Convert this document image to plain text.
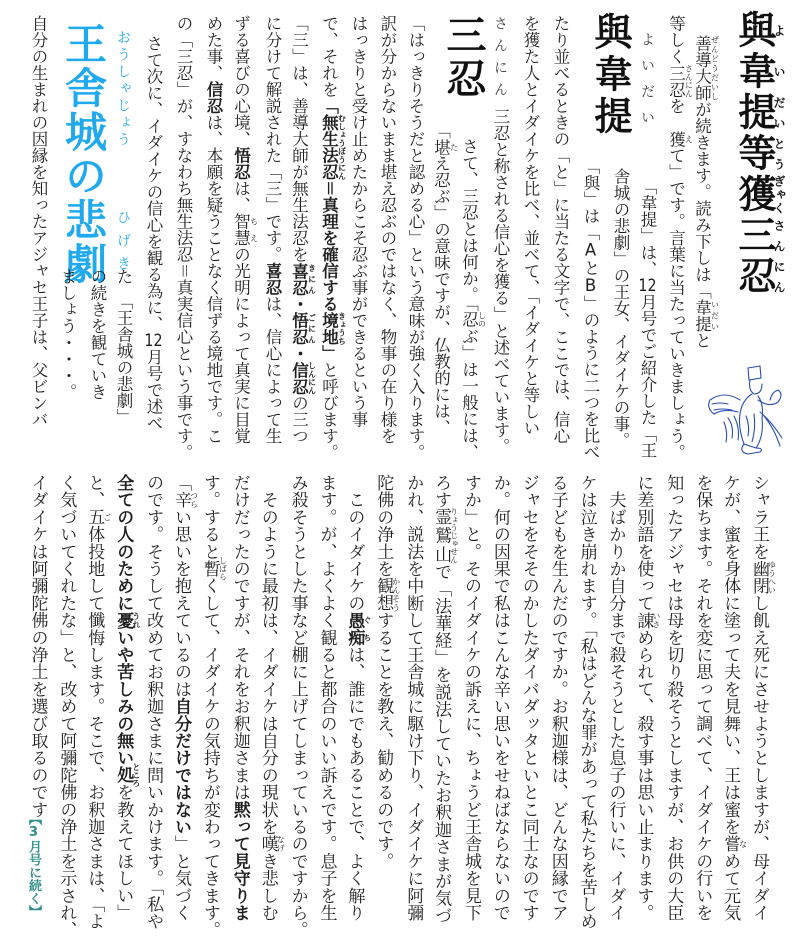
與韋提 よいだい
三忍 さんにん
王舎城の悲劇 おうしゃじょう
ひげき
【3月号に続く】
與よ韋い提だい等とう獲ぎゃく三さん忍にん
善導大師 ぜんどうだいしが続きます。読み下しは「韋提 いだいと
等しく三忍 さんにんを　獲 えて」です。言葉に当たっていきましょう。
「韋提」は、12月号でご紹介した「王
舎城の悲劇」の王女、イダイケの事。
「與」は「AとB」のように二つを比べ
たり並べるときの「と」に当たる文字で、ここでは、信心
を獲た人とイダイケを比べ、並べて、「イダイケと等しい
三忍と称される信心を獲る」と述べています。
さて、三忍とは何か。「忍 しのぶ」は一般には、
「堪 たえ忍ぶ」の意味ですが、仏教的には、
「はっきりそうだと認める心」という意味が強く入ります。
訳が分からないまま堪え忍ぶのではなく、物事の在り様を
はっきりと受け止めたからこそ忍ぶ事ができるという事
で、それを「無生法忍 むしょうぼうにん＝真理を確信する境地 きょうち」と呼びます。
「三」は、善導大師が無生法忍を喜忍 きにん・悟忍 ごにん・信忍 しんにんの三つ
に分けて解説された「三」です。喜忍は、信心によって生
ずる喜びの心境、悟忍は、智慧 ちえの光明によって真実に目覚
めた事、信忍は、本願を疑うことなく信ずる境地です。こ
の「三忍」が、すなわち無生法忍＝真実信心という事です。
さて次に、イダイケの信心を観る為に、12月号で述べ
た　「王舎城の悲劇」
の続きを観ていき
ましょう・・・。
自分の生まれの因縁を知ったアジャセ王子は、父ビンバ
シャラ王を幽閉ゆうへいし飢え死にさせようとしますが、母イダイ
ケが、蜜を身体に塗って夫を見舞い、王は蜜を嘗なめて元気
を保ちます。それを変に思って調べて、イダイケの行いを
知ったアジャセは母を切り殺そうとしますが、お供の大臣
に差別語を使って諌いさめられて、殺す事は思い止まります。
　夫ばかりか自分まで殺そうとした息子の行いに、イダイ
ケは泣き崩れます。「私はどんな罪があって私たちを苦しめ
る子どもを生んだのですか。お釈迦様は、どんな因縁でア
ジャセをそそのかしたダイバダッタといとこ同士なのです
か。何の因果で私はこんな辛い思いをせねばならないので
すか」と。そのイダイケの訴えに、ちょうど王舎城を見下
ろす霊鷲山りょうじゅせんで「法華経」を説法していたお釈迦さまが気づ
かれ、説法を中断して王舎城に駆け下り、イダイケに阿彌
陀佛の浄土を観想かんそうすることを教え、勧めるのです。
　このイダイケの愚痴ぐちは、誰にでもあることで、よく解り
ます。が、よくよく観ると都合のいい訴えです。息子を生
み殺そうとした事など棚に上げてしまっているのですから。
　そのように最初は、イダイケは自分の現状を嘆なげき悲しむ
だけだったのですが、それをお釈迦さまは黙って見守りま
す。すると暫しばらくして、イダイケの気持ちが変わってきます。
「辛つらい思いを抱えているのは自分だけではない」と気づく
のです。そうして改めてお釈迦さまに問いかけます。「私や
全ての人のために憂うれいや苦しみの無い処ところを教えてほしい」
と、五ご体投地して懺悔します。そこで、お釈迦さまは、「よ
く気づいてくれたな」と、改めて阿彌陀佛の浄土を示され、
イダイケは阿彌陀佛の浄土を選び取るのです
